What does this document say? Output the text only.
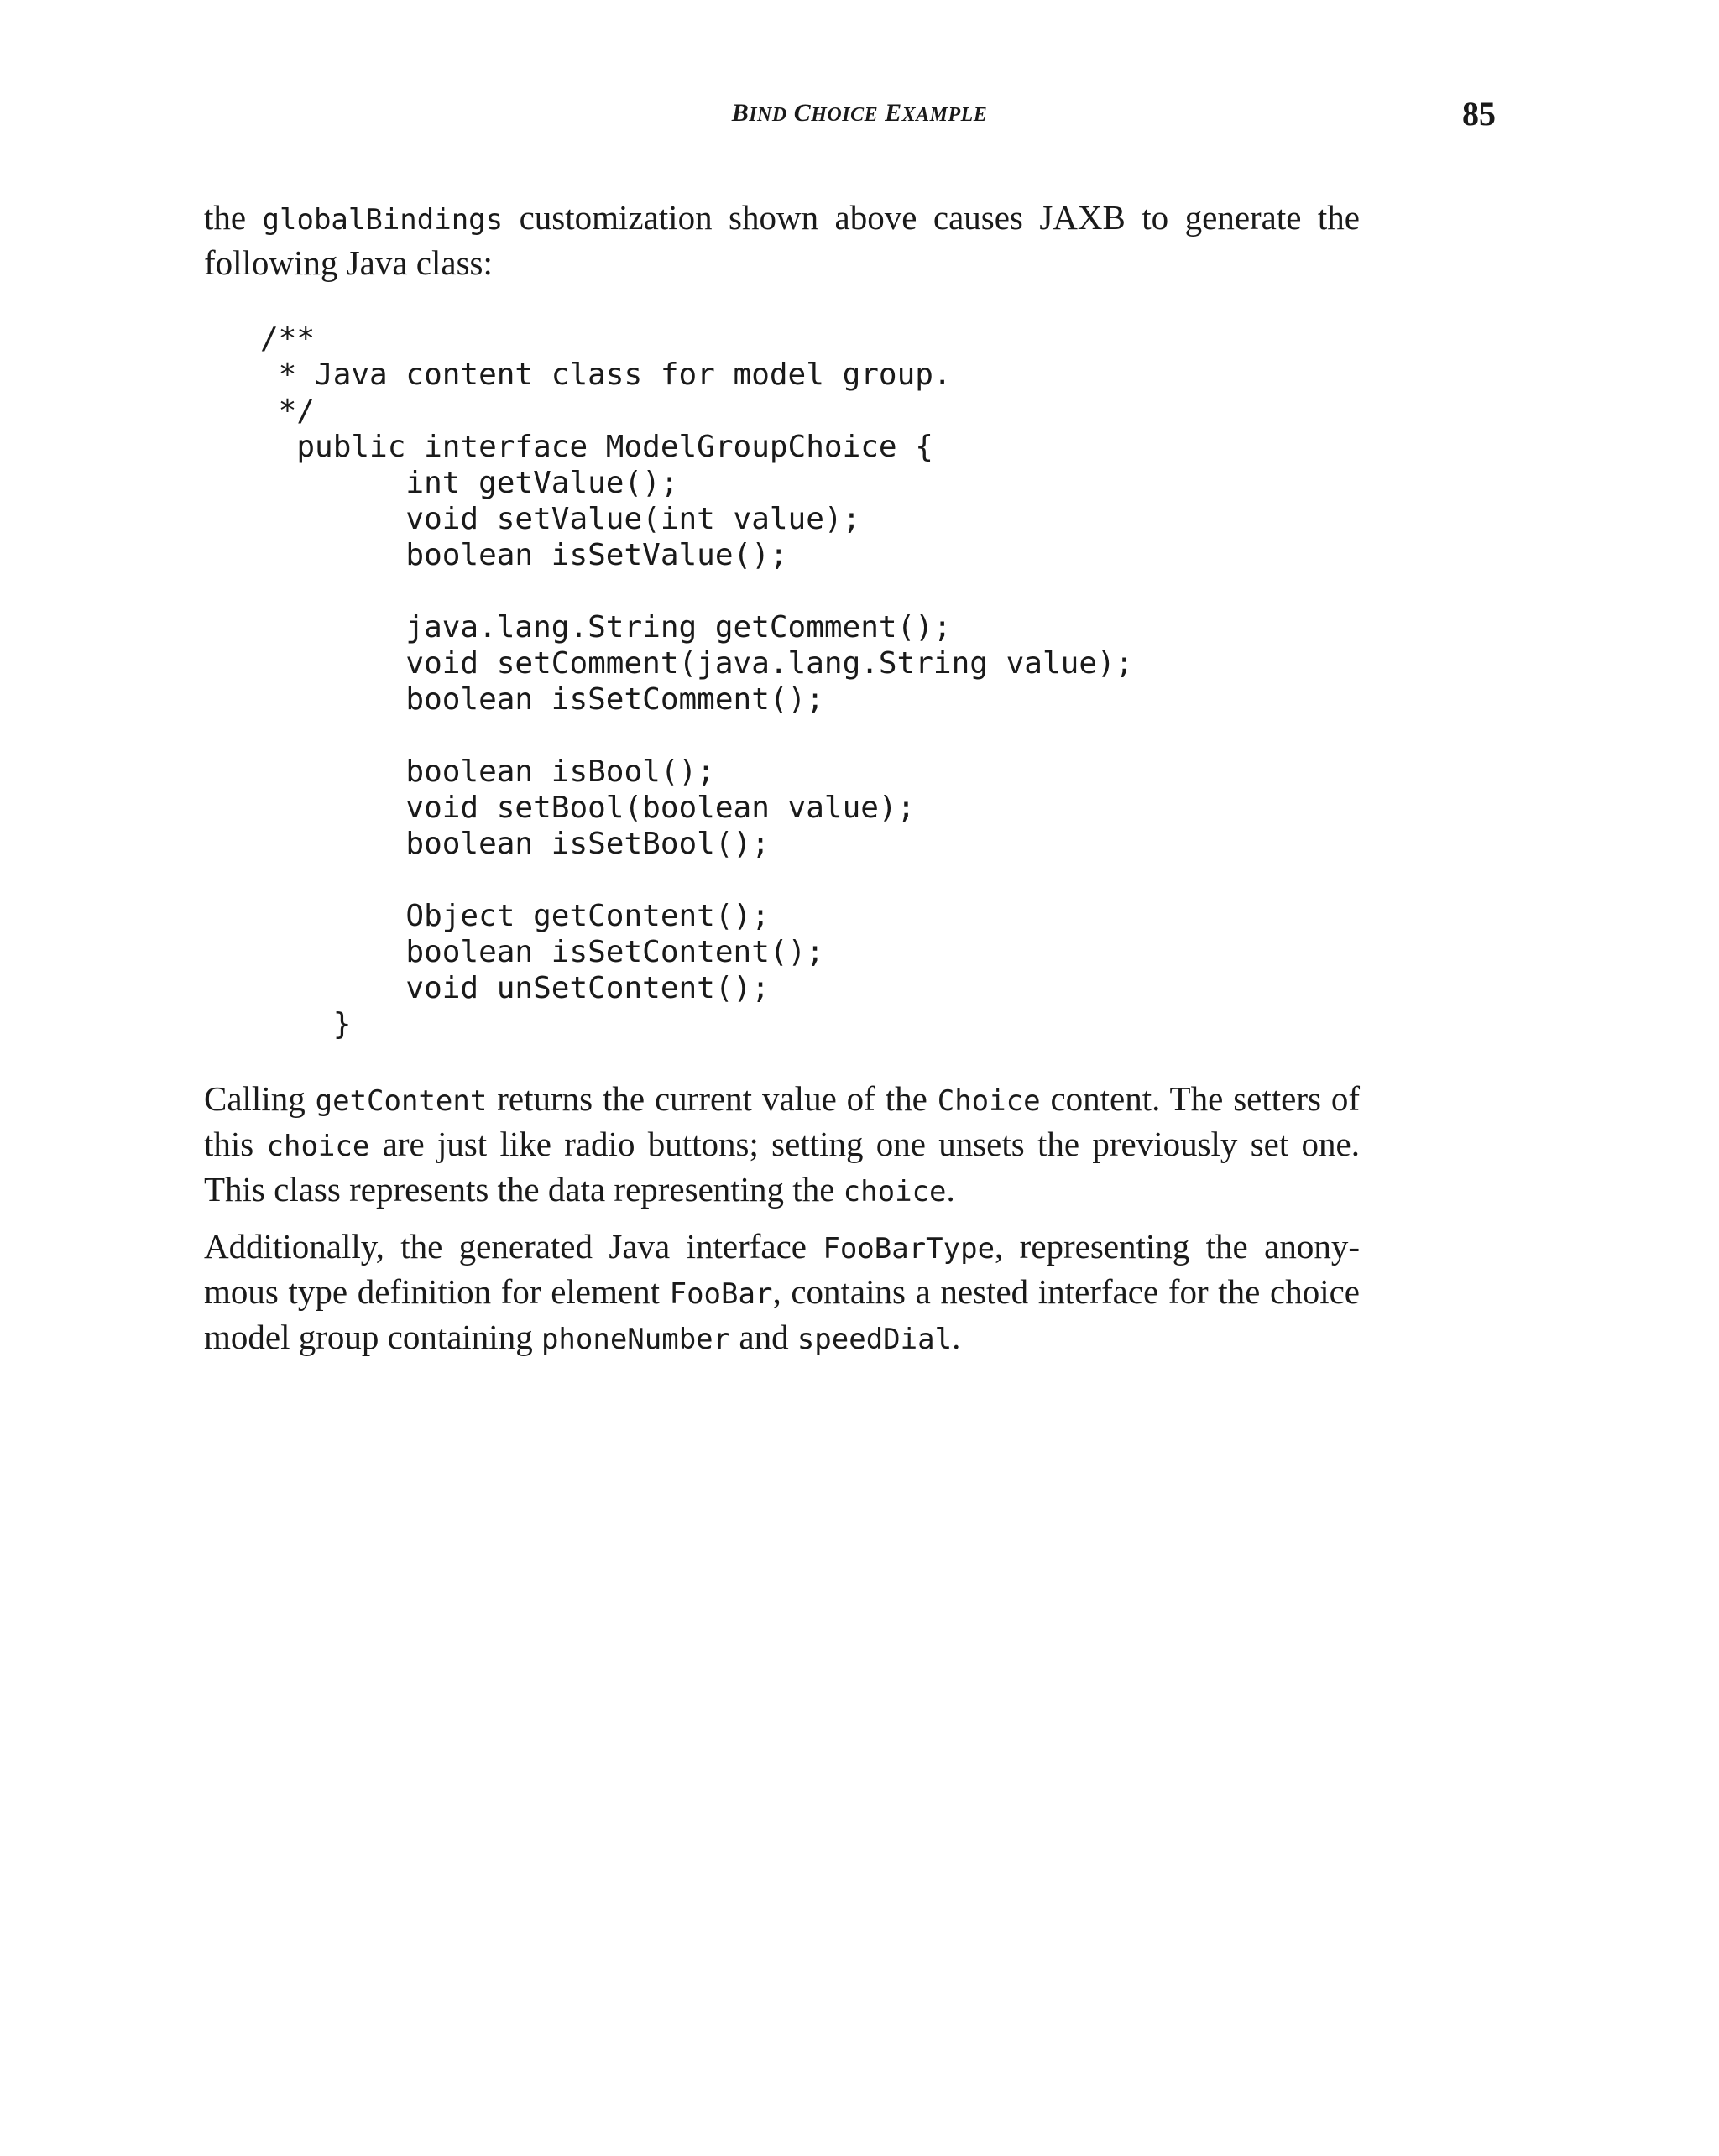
BIND CHOICE EXAMPLE	85

the globalBindings customization shown above causes JAXB to generate the following Java class:

/**
* Java content class for model group.
*/
public interface ModelGroupChoice {
int getValue();
void setValue(int value);
boolean isSetValue();

java.lang.String getComment();
void setComment(java.lang.String value);
boolean isSetComment();

boolean isBool();
void setBool(boolean value);
boolean isSetBool();

Object getContent();
boolean isSetContent();
void unSetContent();
}

Calling getContent returns the current value of the Choice content. The setters of this choice are just like radio buttons; setting one unsets the previously set one. This class represents the data representing the choice.

Additionally, the generated Java interface FooBarType, representing the anonymous type definition for element FooBar, contains a nested interface for the choice model group containing phoneNumber and speedDial.
